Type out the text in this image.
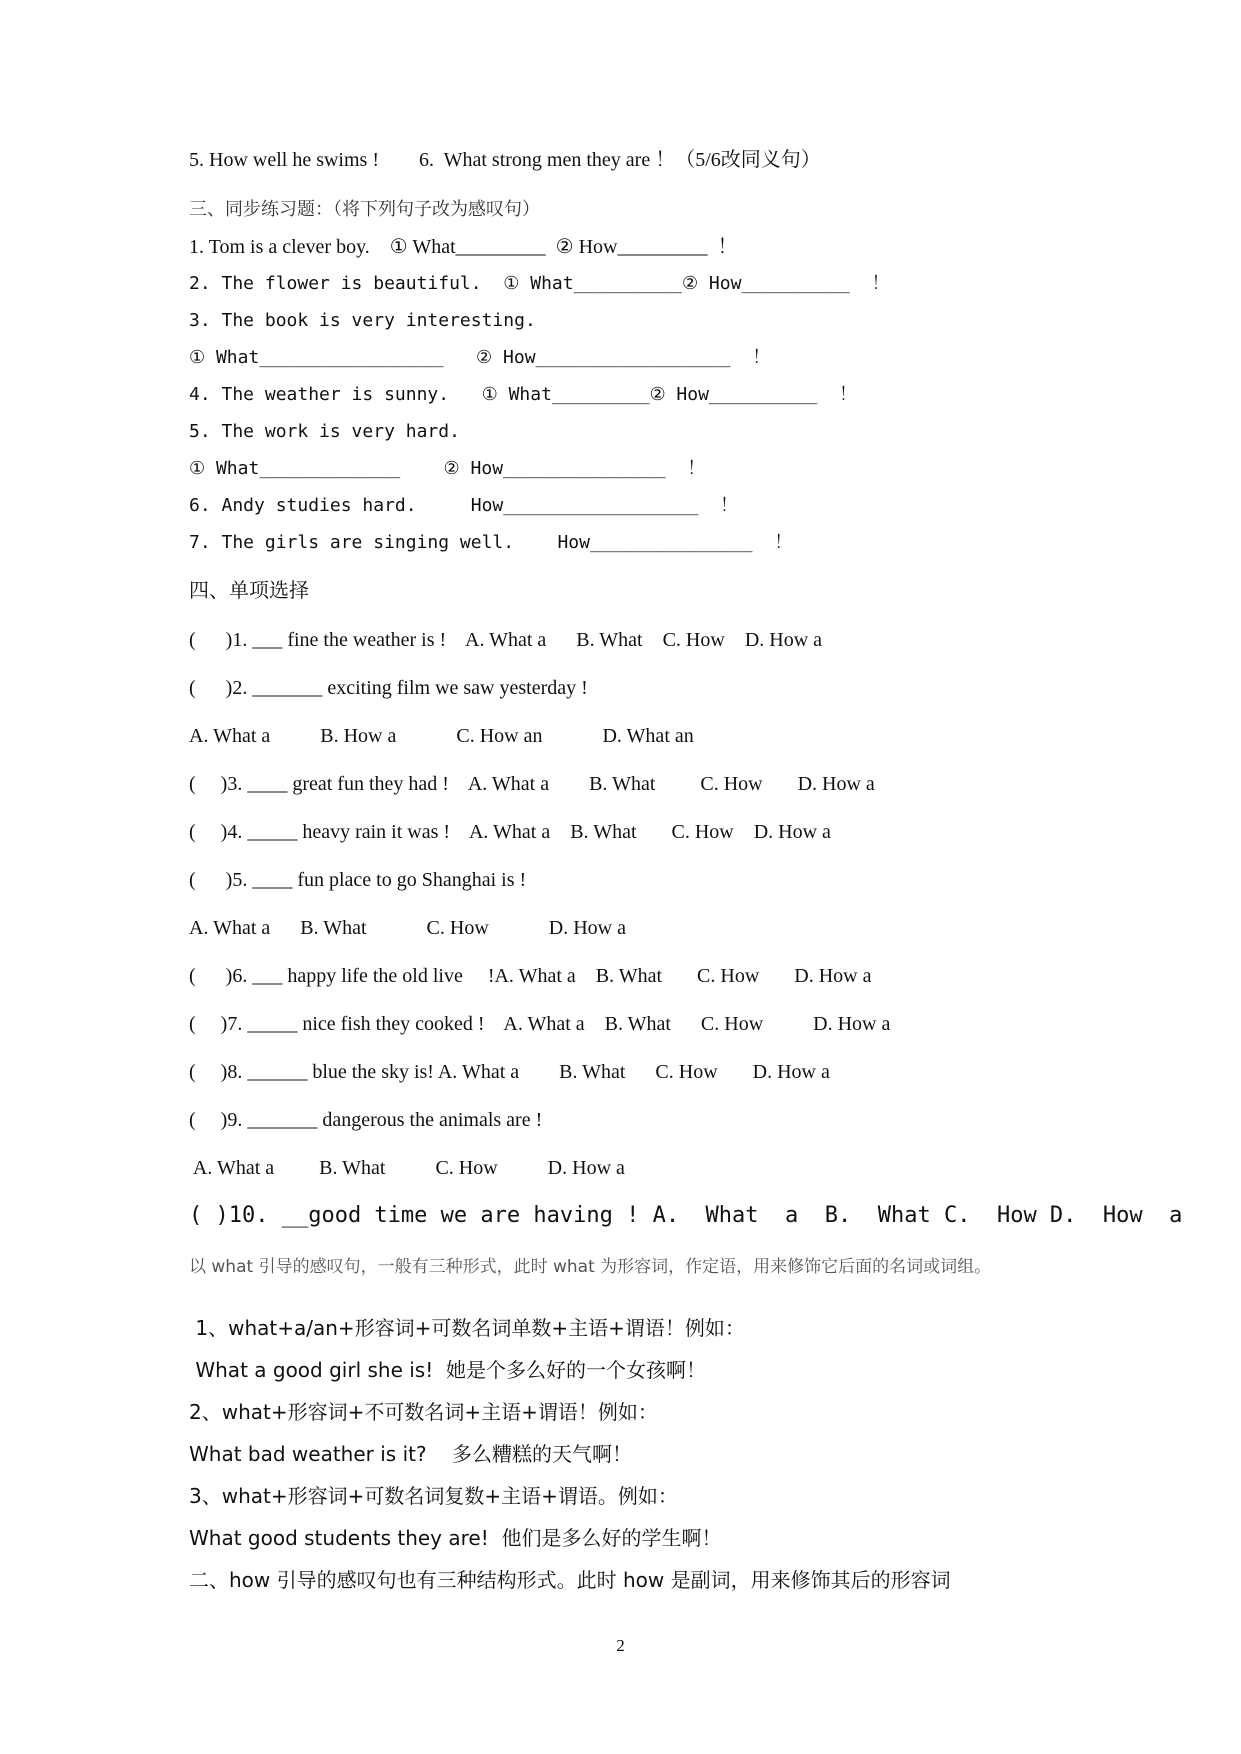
5. How well he swims !        6.  What strong men they are ！（5/6改同义句）
三、同步练习题：（将下列句子改为感叹句）
1. Tom is a clever boy.    ① What_________  ② How_________  ！
2. The flower is beautiful.  ① What__________② How__________  ！
3. The book is very interesting.
① What_________________   ② How__________________  ！
4. The weather is sunny.   ① What_________② How__________  ！
5. The work is very hard.
① What_____________    ② How_______________  ！
6. Andy studies hard.     How__________________  ！
7. The girls are singing well.    How_______________  ！
四、单项选择
(      )1. ___ fine the weather is !    A. What a      B. What    C. How    D. How a
(      )2. _______ exciting film we saw yesterday !
A. What a          B. How a            C. How an            D. What an
(     )3. ____ great fun they had !    A. What a        B. What         C. How       D. How a
(     )4. _____ heavy rain it was !    A. What a    B. What       C. How    D. How a
(      )5. ____ fun place to go Shanghai is !
A. What a      B. What            C. How            D. How a
(      )6. ___ happy life the old live     !A. What a    B. What       C. How       D. How a
(     )7. _____ nice fish they cooked !    A. What a    B. What      C. How          D. How a
(     )8. ______ blue the sky is! A. What a        B. What      C. How       D. How a
(     )9. _______ dangerous the animals are !
A. What a         B. What          C. How          D. How a
( )10. __good time we are having ! A.  What  a  B.  What C.  How D.  How  a
以 what 引导的感叹句，一般有三种形式，此时 what 为形容词，作定语，用来修饰它后面的名词或词组。
1、what+a/an+形容词+可数名词单数+主语+谓语！例如：
What a good girl she is!  她是个多么好的一个女孩啊！
2、what+形容词+不可数名词+主语+谓语！例如：
What bad weather is it?    多么糟糕的天气啊！
3、what+形容词+可数名词复数+主语+谓语。例如：
What good students they are!  他们是多么好的学生啊！
二、how 引导的感叹句也有三种结构形式。此时 how 是副词，用来修饰其后的形容词
2
